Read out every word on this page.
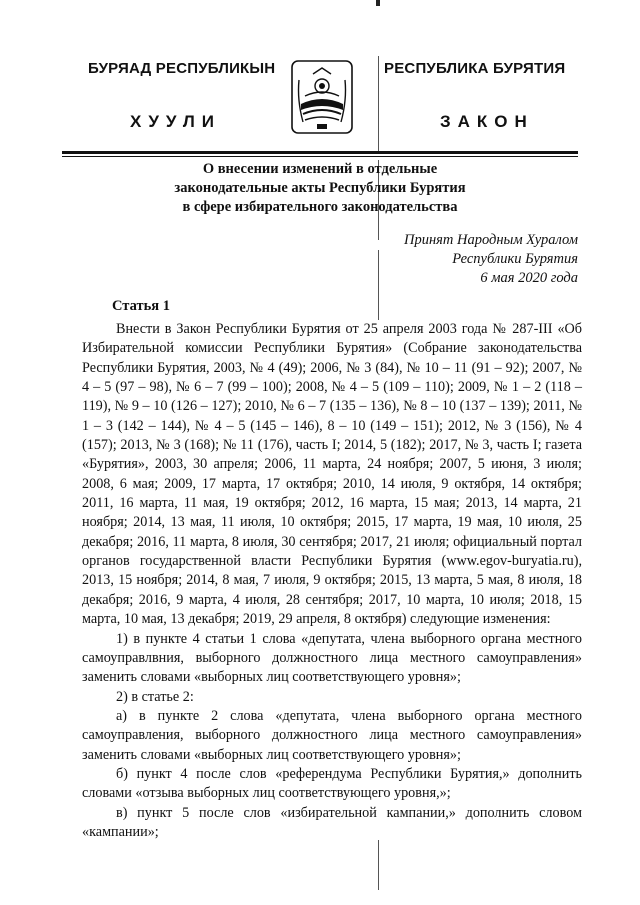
БУРЯАД РЕСПУБЛИКЫН
ХУУЛИ
РЕСПУБЛИКА БУРЯТИЯ
ЗАКОН
О внесении изменений в отдельные
законодательные акты Республики Бурятия
в сфере избирательного законодательства
Принят Народным Хуралом
Республики Бурятия
6 мая 2020 года
Статья 1

Внести в Закон Республики Бурятия от 25 апреля 2003 года № 287-III «Об Избирательной комиссии Республики Бурятия» (Собрание законодательства Республики Бурятия, 2003, № 4 (49); 2006, № 3 (84), № 10 – 11 (91 – 92); 2007, № 4 – 5 (97 – 98), № 6 – 7 (99 – 100); 2008, № 4 – 5 (109 – 110); 2009, № 1 – 2 (118 – 119), № 9 – 10 (126 – 127); 2010, № 6 – 7 (135 – 136), № 8 – 10 (137 – 139); 2011, № 1 – 3 (142 – 144), № 4 – 5 (145 – 146), 8 – 10 (149 – 151); 2012, № 3 (156), № 4 (157); 2013, № 3 (168); № 11 (176), часть I; 2014, 5 (182); 2017, № 3, часть I; газета «Бурятия», 2003, 30 апреля; 2006, 11 марта, 24 ноября; 2007, 5 июня, 3 июля; 2008, 6 мая; 2009, 17 марта, 17 октября; 2010, 14 июля, 9 октября, 14 октября; 2011, 16 марта, 11 мая, 19 октября; 2012, 16 марта, 15 мая; 2013, 14 марта, 21 ноября; 2014, 13 мая, 11 июля, 10 октября; 2015, 17 марта, 19 мая, 10 июля, 25 декабря; 2016, 11 марта, 8 июля, 30 сентября; 2017, 21 июля; официальный портал органов государственной власти Республики Бурятия (www.egov-buryatia.ru), 2013, 15 ноября; 2014, 8 мая, 7 июля, 9 октября; 2015, 13 марта, 5 мая, 8 июля, 18 декабря; 2016, 9 марта, 4 июля, 28 сентября; 2017, 10 марта, 10 июля; 2018, 15 марта, 10 мая, 13 декабря; 2019, 29 апреля, 8 октября) следующие изменения:

1) в пункте 4 статьи 1 слова «депутата, члена выборного органа местного самоуправлвния, выборного должностного лица местного самоуправления» заменить словами «выборных лиц соответствующего уровня»;

2) в статье 2:

а) в пункте 2 слова «депутата, члена выборного органа местного самоуправления, выборного должностного лица местного самоуправления» заменить словами «выборных лиц соответствующего уровня»;

б) пункт 4 после слов «референдума Республики Бурятия,» дополнить словами «отзыва выборных лиц соответствующего уровня,»;

в) пункт 5 после слов «избирательной кампании,» дополнить словом «кампании»;
